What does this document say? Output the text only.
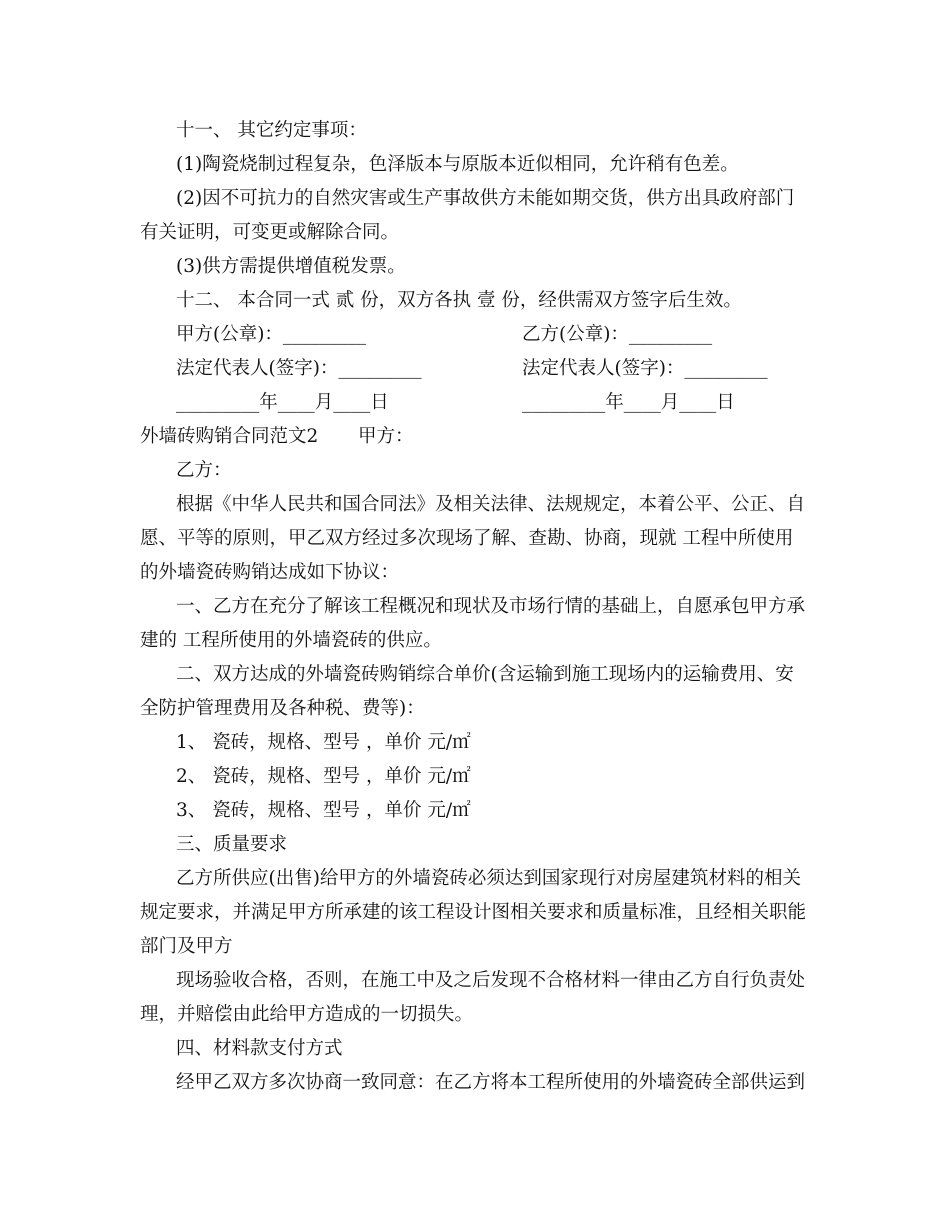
十一、 其它约定事项：
(1)陶瓷烧制过程复杂，色泽版本与原版本近似相同，允许稍有色差。
(2)因不可抗力的自然灾害或生产事故供方未能如期交货，供方出具政府部门
有关证明，可变更或解除合同。
(3)供方需提供增值税发票。
十二、 本合同一式 贰 份，双方各执 壹 份，经供需双方签字后生效。
甲方(公章)：_________	乙方(公章)：_________
法定代表人(签字)：_________	法定代表人(签字)：_________
_________年____月____日	_________年____月____日
外墙砖购销合同范文2 甲方：
乙方：
根据《中华人民共和国合同法》及相关法律、法规规定，本着公平、公正、自
愿、平等的原则，甲乙双方经过多次现场了解、查勘、协商，现就 工程中所使用
的外墙瓷砖购销达成如下协议：
一、乙方在充分了解该工程概况和现状及市场行情的基础上，自愿承包甲方承
建的 工程所使用的外墙瓷砖的供应。
二、双方达成的外墙瓷砖购销综合单价(含运输到施工现场内的运输费用、安
全防护管理费用及各种税、费等)：
1、 瓷砖，规格、型号 ，单价 元/㎡
2、 瓷砖，规格、型号 ，单价 元/㎡
3、 瓷砖，规格、型号 ，单价 元/㎡
三、质量要求
乙方所供应(出售)给甲方的外墙瓷砖必须达到国家现行对房屋建筑材料的相关
规定要求，并满足甲方所承建的该工程设计图相关要求和质量标准，且经相关职能
部门及甲方
现场验收合格，否则，在施工中及之后发现不合格材料一律由乙方自行负责处
理，并赔偿由此给甲方造成的一切损失。
四、材料款支付方式
经甲乙双方多次协商一致同意：在乙方将本工程所使用的外墙瓷砖全部供运到
